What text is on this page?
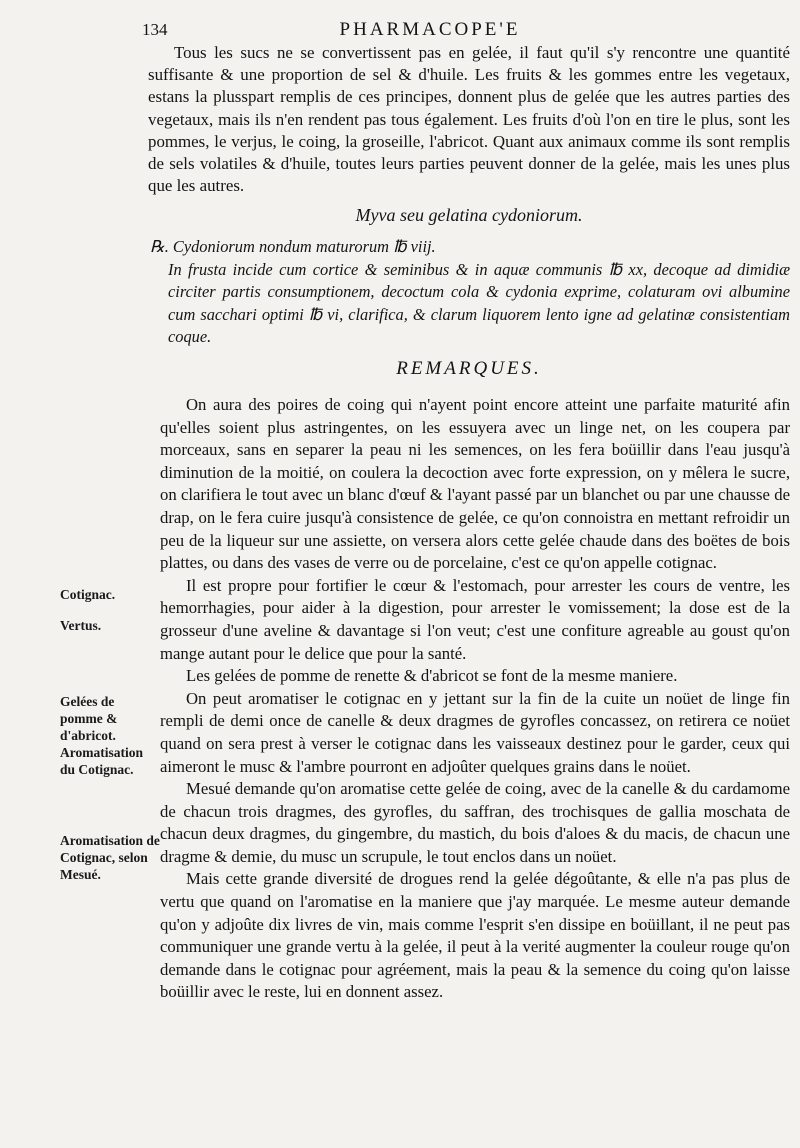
134	PHARMACOPE'E

Tous les sucs ne se convertissent pas en gelée, il faut qu'il s'y rencontre une quantité suffisante & une proportion de sel & d'huile. Les fruits & les gommes entre les vegetaux, estans la plusspart remplis de ces principes, donnent plus de gelée que les autres parties des vegetaux, mais ils n'en rendent pas tous également. Les fruits d'où l'on en tire le plus, sont les pommes, le verjus, le coing, la groseille, l'abricot. Quant aux animaux comme ils sont remplis de sels volatiles & d'huile, toutes leurs parties peuvent donner de la gelée, mais les unes plus que les autres.

Myva seu gelatina cydoniorum.

℞. Cydoniorum nondum maturorum ℔ viij.

In frusta incide cum cortice & seminibus & in aquæ communis ℔ xx, decoque ad dimidiæ circiter partis consumptionem, decoctum cola & cydonia exprime, colaturam ovi albumine cum sacchari optimi ℔ vi, clarifica, & clarum liquorem lento igne ad gelatinæ consistentiam coque.

REMARQUES.

On aura des poires de coing qui n'ayent point encore atteint une parfaite maturité afin qu'elles soient plus astringentes, on les essuyera avec un linge net, on les coupera par morceaux, sans en separer la peau ni les semences, on les fera boüillir dans l'eau jusqu'à diminution de la moitié, on coulera la decoction avec forte expression, on y mêlera le sucre, on clarifiera le tout avec un blanc d'œuf & l'ayant passé par un blanchet ou par une chausse de drap, on le fera cuire jusqu'à consistence de gelée, ce qu'on connoistra en mettant refroidir un peu de la liqueur sur une assiette, on versera alors cette gelée chaude dans des boëtes de bois plattes, ou dans des vases de verre ou de porcelaine, c'est ce qu'on appelle cotignac.

Il est propre pour fortifier le cœur & l'estomach, pour arrester les cours de ventre, les hemorrhagies, pour aider à la digestion, pour arrester le vomissement; la dose est de la grosseur d'une aveline & davantage si l'on veut; c'est une confiture agreable au goust qu'on mange autant pour le delice que pour la santé.

Les gelées de pomme de renette & d'abricot se font de la mesme maniere.

On peut aromatiser le cotignac en y jettant sur la fin de la cuite un noüet de linge fin rempli de demi once de canelle & deux dragmes de gyrofles concassez, on retirera ce noüet quand on sera prest à verser le cotignac dans les vaisseaux destinez pour le garder, ceux qui aimeront le musc & l'ambre pourront en adjoûter quelques grains dans le noüet.

Mesué demande qu'on aromatise cette gelée de coing, avec de la canelle & du cardamome de chacun trois dragmes, des gyrofles, du saffran, des trochisques de gallia moschata de chacun deux dragmes, du gingembre, du mastich, du bois d'aloes & du macis, de chacun une dragme & demie, du musc un scrupule, le tout enclos dans un noüet.

Mais cette grande diversité de drogues rend la gelée dégoûtante, & elle n'a pas plus de vertu que quand on l'aromatise en la maniere que j'ay marquée. Le mesme auteur demande qu'on y adjoûte dix livres de vin, mais comme l'esprit s'en dissipe en boüillant, il ne peut pas communiquer une grande vertu à la gelée, il peut à la verité augmenter la couleur rouge qu'on demande dans le cotignac pour agréement, mais la peau & la semence du coing qu'on laisse boüillir avec le reste, lui en donnent assez.

Cotignac.
Vertus.
Gelées de pomme & d'abricot. Aromatisation du Cotignac.
Aromatisation de Cotignac, selon Mesué.
